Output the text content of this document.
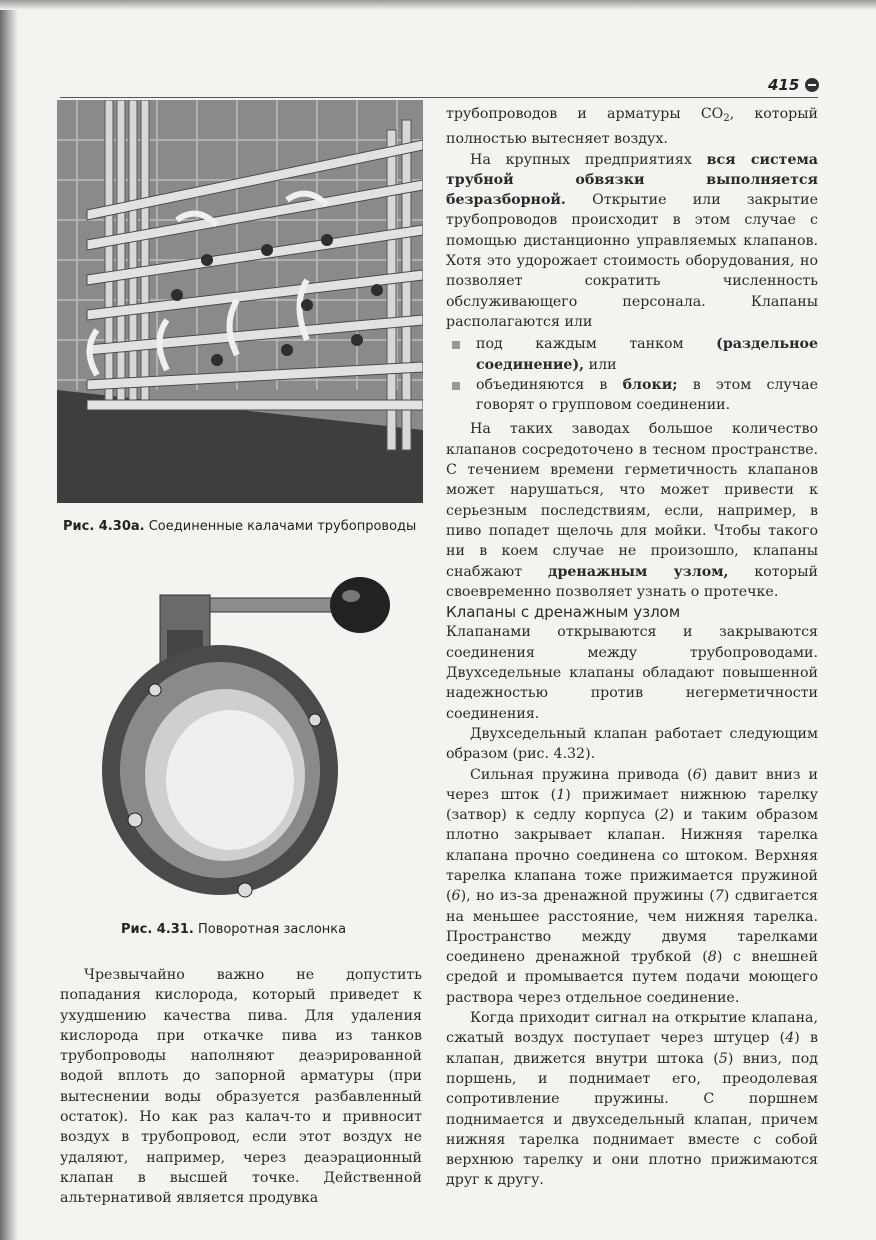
415
Рис. 4.30а. Соединенные калачами трубопроводы
Рис. 4.31. Поворотная заслонка

трубопроводов и арматуры $CO_2$, который полностью вытесняет воздух.

На крупных предприятиях вся система трубной обвязки выполняется безразборной. Открытие или закрытие трубопроводов происходит в этом случае с помощью дистанционно управляемых клапанов. Хотя это удорожает стоимость оборудования, но позволяет сократить численность обслуживающего персонала. Клапаны располагаются или

под каждым танком (раздельное соединение), или
объединяются в блоки; в этом случае говорят о групповом соединении.

На таких заводах большое количество клапанов сосредоточено в тесном пространстве. С течением времени герметичность клапанов может нарушаться, что может привести к серьезным последствиям, если, например, в пиво попадет щелочь для мойки. Чтобы такого ни в коем случае не произошло, клапаны снабжают дренажным узлом, который своевременно позволяет узнать о протечке.

Клапаны с дренажным узлом

Клапанами открываются и закрываются соединения между трубопроводами. Двухседельные клапаны обладают повышенной надежностью против негерметичности соединения.

Двухседельный клапан работает следующим образом (рис. 4.32).

Сильная пружина привода (6) давит вниз и через шток (1) прижимает нижнюю тарелку (затвор) к седлу корпуса (2) и таким образом плотно закрывает клапан. Нижняя тарелка клапана прочно соединена со штоком. Верхняя тарелка клапана тоже прижимается пружиной (6), но из-за дренажной пружины (7) сдвигается на меньшее расстояние, чем нижняя тарелка. Пространство между двумя тарелками соединено дренажной трубкой (8) с внешней средой и промывается путем подачи моющего раствора через отдельное соединение.

Когда приходит сигнал на открытие клапана, сжатый воздух поступает через штуцер (4) в клапан, движется внутри штока (5) вниз, под поршень, и поднимает его, преодолевая сопротивление пружины. С поршнем поднимается и двухседельный клапан, причем нижняя тарелка поднимает вместе с собой верхнюю тарелку и они плотно прижимаются друг к другу.

Чрезвычайно важно не допустить попадания кислорода, который приведет к ухудшению качества пива. Для удаления кислорода при откачке пива из танков трубопроводы наполняют деаэрированной водой вплоть до запорной арматуры (при вытеснении воды образуется разбавленный остаток). Но как раз калач-то и привносит воздух в трубопровод, если этот воздух не удаляют, например, через деаэрационный клапан в высшей точке. Действенной альтернативой является продувка
